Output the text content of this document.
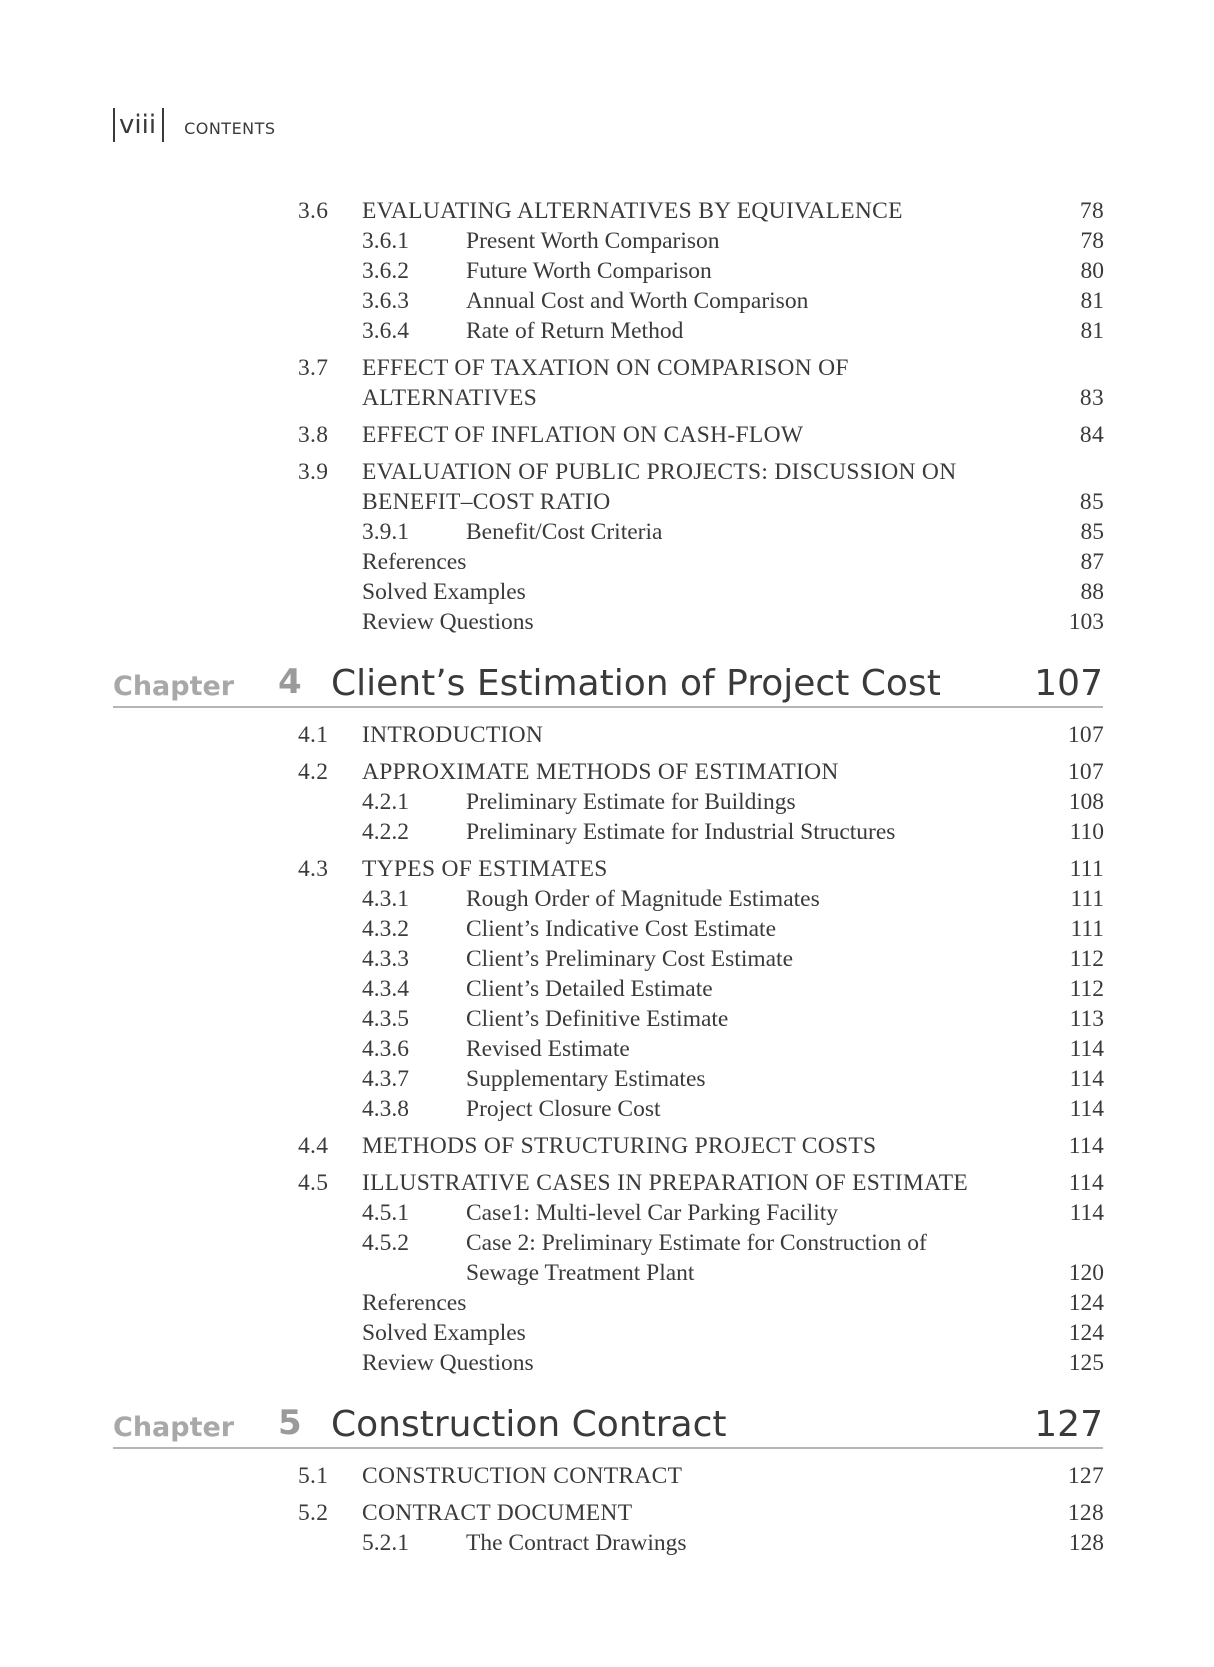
viii	CONTENTS
3.6 EVALUATING ALTERNATIVES BY EQUIVALENCE	78
3.6.1 Present Worth Comparison	78
3.6.2 Future Worth Comparison	80
3.6.3 Annual Cost and Worth Comparison	81
3.6.4 Rate of Return Method	81
3.7 EFFECT OF TAXATION ON COMPARISON OF
ALTERNATIVES	83
3.8 EFFECT OF INFLATION ON CASH-FLOW	84
3.9 EVALUATION OF PUBLIC PROJECTS: DISCUSSION ON
BENEFIT–COST RATIO	85
3.9.1 Benefit/Cost Criteria	85
References	87
Solved Examples	88
Review Questions	103
Chapter 4 Client’s Estimation of Project Cost	107
4.1 INTRODUCTION	107
4.2 APPROXIMATE METHODS OF ESTIMATION	107
4.2.1 Preliminary Estimate for Buildings	108
4.2.2 Preliminary Estimate for Industrial Structures	110
4.3 TYPES OF ESTIMATES	111
4.3.1 Rough Order of Magnitude Estimates	111
4.3.2 Client’s Indicative Cost Estimate	111
4.3.3 Client’s Preliminary Cost Estimate	112
4.3.4 Client’s Detailed Estimate	112
4.3.5 Client’s Definitive Estimate	113
4.3.6 Revised Estimate	114
4.3.7 Supplementary Estimates	114
4.3.8 Project Closure Cost	114
4.4 METHODS OF STRUCTURING PROJECT COSTS	114
4.5 ILLUSTRATIVE CASES IN PREPARATION OF ESTIMATE	114
4.5.1 Case1: Multi-level Car Parking Facility	114
4.5.2 Case 2: Preliminary Estimate for Construction of
Sewage Treatment Plant	120
References	124
Solved Examples	124
Review Questions	125
Chapter 5 Construction Contract	127
5.1 CONSTRUCTION CONTRACT	127
5.2 CONTRACT DOCUMENT	128
5.2.1 The Contract Drawings	128
